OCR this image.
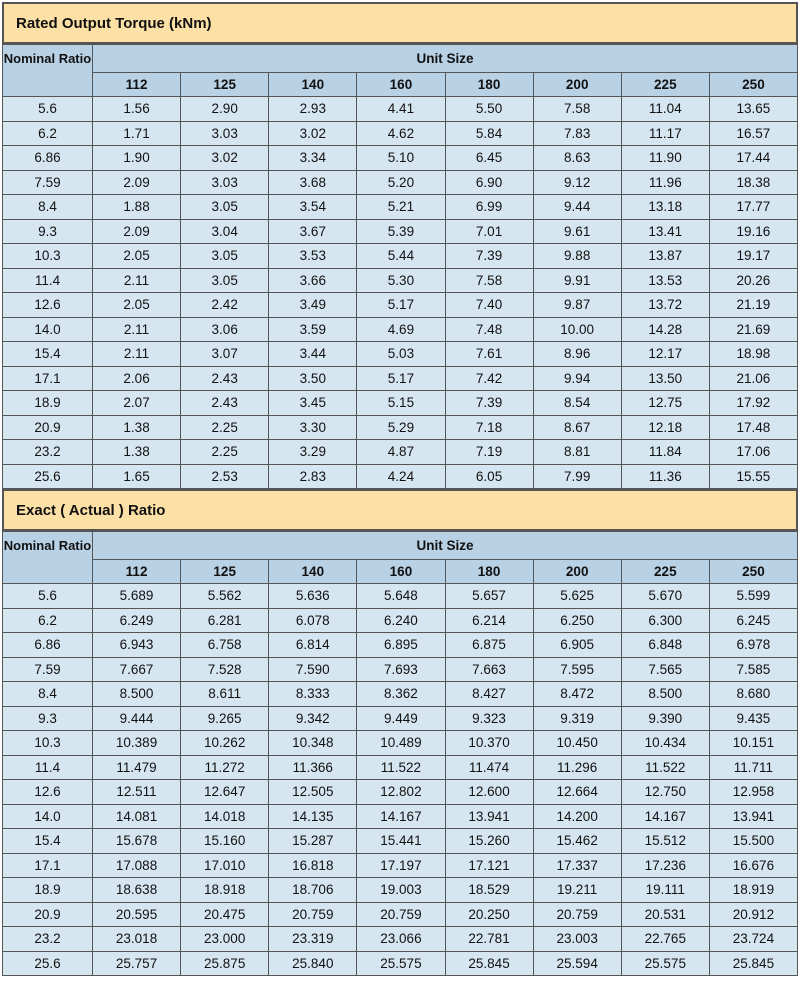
Rated Output Torque (kNm)
Nominal Ratio	Unit Size							
	112	125	140	160	180	200	225	250
5.6	1.56	2.90	2.93	4.41	5.50	7.58	11.04	13.65
6.2	1.71	3.03	3.02	4.62	5.84	7.83	11.17	16.57
6.86	1.90	3.02	3.34	5.10	6.45	8.63	11.90	17.44
7.59	2.09	3.03	3.68	5.20	6.90	9.12	11.96	18.38
8.4	1.88	3.05	3.54	5.21	6.99	9.44	13.18	17.77
9.3	2.09	3.04	3.67	5.39	7.01	9.61	13.41	19.16
10.3	2.05	3.05	3.53	5.44	7.39	9.88	13.87	19.17
11.4	2.11	3.05	3.66	5.30	7.58	9.91	13.53	20.26
12.6	2.05	2.42	3.49	5.17	7.40	9.87	13.72	21.19
14.0	2.11	3.06	3.59	4.69	7.48	10.00	14.28	21.69
15.4	2.11	3.07	3.44	5.03	7.61	8.96	12.17	18.98
17.1	2.06	2.43	3.50	5.17	7.42	9.94	13.50	21.06
18.9	2.07	2.43	3.45	5.15	7.39	8.54	12.75	17.92
20.9	1.38	2.25	3.30	5.29	7.18	8.67	12.18	17.48
23.2	1.38	2.25	3.29	4.87	7.19	8.81	11.84	17.06
25.6	1.65	2.53	2.83	4.24	6.05	7.99	11.36	15.55
Exact ( Actual ) Ratio
Nominal Ratio	Unit Size							
	112	125	140	160	180	200	225	250
5.6	5.689	5.562	5.636	5.648	5.657	5.625	5.670	5.599
6.2	6.249	6.281	6.078	6.240	6.214	6.250	6.300	6.245
6.86	6.943	6.758	6.814	6.895	6.875	6.905	6.848	6.978
7.59	7.667	7.528	7.590	7.693	7.663	7.595	7.565	7.585
8.4	8.500	8.611	8.333	8.362	8.427	8.472	8.500	8.680
9.3	9.444	9.265	9.342	9.449	9.323	9.319	9.390	9.435
10.3	10.389	10.262	10.348	10.489	10.370	10.450	10.434	10.151
11.4	11.479	11.272	11.366	11.522	11.474	11.296	11.522	11.711
12.6	12.511	12.647	12.505	12.802	12.600	12.664	12.750	12.958
14.0	14.081	14.018	14.135	14.167	13.941	14.200	14.167	13.941
15.4	15.678	15.160	15.287	15.441	15.260	15.462	15.512	15.500
17.1	17.088	17.010	16.818	17.197	17.121	17.337	17.236	16.676
18.9	18.638	18.918	18.706	19.003	18.529	19.211	19.111	18.919
20.9	20.595	20.475	20.759	20.759	20.250	20.759	20.531	20.912
23.2	23.018	23.000	23.319	23.066	22.781	23.003	22.765	23.724
25.6	25.757	25.875	25.840	25.575	25.845	25.594	25.575	25.845
